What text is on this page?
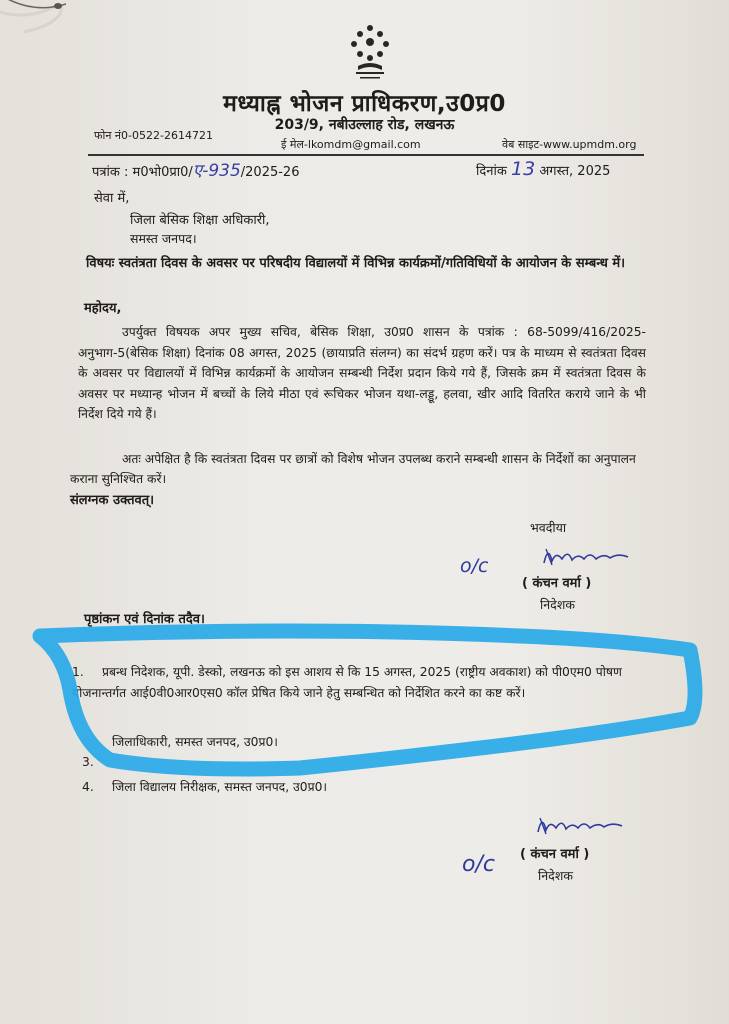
मध्याह्न भोजन प्राधिकरण,उ0प्र0
203/9, नबीउल्लाह रोड, लखनऊ
फोन नं0-0522-2614721
ई मेल-lkomdm@gmail.com	वेब साइट-www.upmdm.org
पत्रांक : म0भो0प्रा0/ए-935/2025-26	दिनांक 13 अगस्त, 2025
सेवा में,
जिला बेसिक शिक्षा अधिकारी,
समस्त जनपद।
विषयः स्वतंत्रता दिवस के अवसर पर परिषदीय विद्यालयों में विभिन्न कार्यक्रमों/गतिविधियों के आयोजन के सम्बन्ध में।
महोदय,
उपर्युक्त विषयक अपर मुख्य सचिव, बेसिक शिक्षा, उ0प्र0 शासन के पत्रांक : 68-5099/416/2025-अनुभाग-5(बेसिक शिक्षा) दिनांक 08 अगस्त, 2025 (छायाप्रति संलग्न) का संदर्भ ग्रहण करें। पत्र के माध्यम से स्वतंत्रता दिवस के अवसर पर विद्यालयों में विभिन्न कार्यक्रमों के आयोजन सम्बन्धी निर्देश प्रदान किये गये हैं, जिसके क्रम में स्वतंत्रता दिवस के अवसर पर मध्यान्ह भोजन में बच्चों के लिये मीठा एवं रूचिकर भोजन यथा-लड्डू, हलवा, खीर आदि वितरित कराये जाने के भी निर्देश दिये गये हैं।
अतः अपेक्षित है कि स्वतंत्रता दिवस पर छात्रों को विशेष भोजन उपलब्ध कराने सम्बन्धी शासन के निर्देशों का अनुपालन कराना सुनिश्चित करें।
संलग्नक उक्तवत्।
भवदीया
o/c
( कंचन वर्मा )
निदेशक
पृष्ठांकन एवं दिनांक तदैव।
1. प्रबन्ध निदेशक, यूपी. डेस्को, लखनऊ को इस आशय से कि 15 अगस्त, 2025 (राष्ट्रीय अवकाश) को पी0एम0 पोषण योजनान्तर्गत आई0वी0आर0एस0 कॉल प्रेषित किये जाने हेतु सम्बन्धित को निर्देशित करने का कष्ट करें।
जिलाधिकारी, समस्त जनपद, उ0प्र0।
3.
4. जिला विद्यालय निरीक्षक, समस्त जनपद, उ0प्र0।
( कंचन वर्मा )
o/c	निदेशक
